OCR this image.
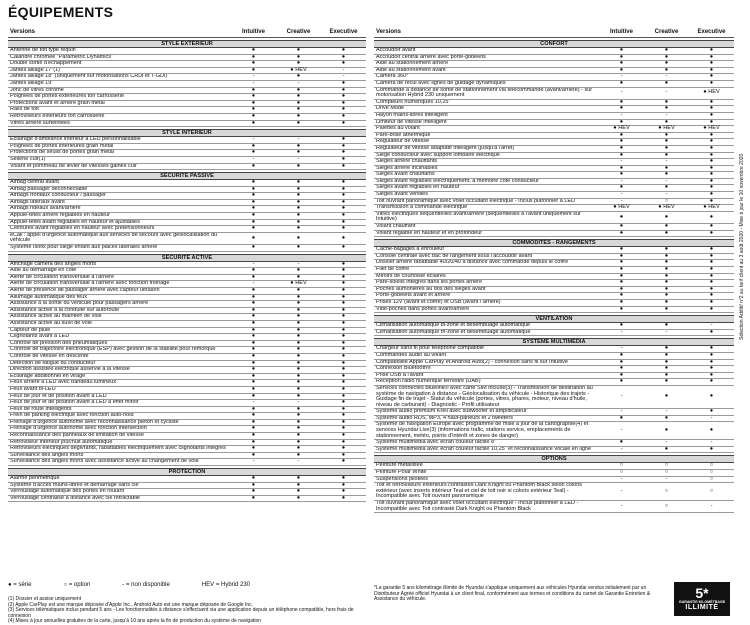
ÉQUIPEMENTS
Versions	Intuitive	Creative	Executive
STYLE EXTÉRIEUR
Antenne de toit type requin	●	●	●
Calandre chromée "Parametric Dynamics"	●	●	●
Double sortie d'échappement	●	●	●
Jantes alliage 17"(1)	●	● HEV	-
Jantes alliage 18" (uniquement sur motorisations CRDi et T-GDi)	-	●	-
Jantes alliage 19"	-	-	●
Jonc de vitres chromé	●	●	●
Poignées de portes extérieures ton carrosserie	●	●	●
Protections avant et arrière grain métal	●	●	●
Rails de toit	●	●	●
Rétroviseurs extérieurs ton carrosserie	●	●	●
Vitres arrière surteintées	●	●	●
STYLE INTÉRIEUR
Eclairage d'ambiance intérieur à LED personnalisable	-	-	●
Poignées de portes intérieures grain métal	●	●	●
Protections de seuils de portes grain métal	●	●	●
Sellerie cuir(1)	-	-	●
Volant et pommeau de levier de vitesses gainés cuir	●	●	●
SÉCURITÉ PASSIVE
Airbag central avant	●	●	●
Airbag passager déconnectable	●	●	●
Airbags frontaux conducteur / passager	●	●	●
Airbags latéraux avant	●	●	●
Airbags rideaux avant/arrière	●	●	●
Appuie-têtes arrière réglables en hauteur	●	●	●
Appuie-têtes avant réglables en hauteur et ajustables	●	●	●
Ceintures avant réglables en hauteur avec prétensionneurs	●	●	●
eCall : appel d'urgence automatique aux services de secours avec géolocalisation du véhicule	●	●	●
Système Isofix pour siège enfant aux places latérales arrière	●	●	●
SÉCURITÉ ACTIVE
Affichage caméra des angles morts	-	-	●
Aide au démarrage en côte	●	●	●
Alerte de circulation transversale à l'arrière	●	●	●
Alerte de circulation transversale à l'arrière avec fonction freinage	-	● HEV	●
Alerte de présence de passager arrière avec capteur ultrason	●	●	●
Allumage automatique des feux	●	●	●
Assistance à la sortie du véhicule pour passagers arrière	●	●	●
Assistance active à la conduite sur autoroute	●	●	●
Assistance active au maintien de voie	●	●	●
Assistance active au suivi de voie	●	●	●
Capteur de pluie	●	●	●
Clignotants avant à LED	●	●	●
Contrôle de pression des pneumatiques	●	●	●
Contrôle de trajectoire électronique (ESP) avec gestion de la stabilité pour remorque	●	●	●
Contrôle de vitesse en descente	●	●	●
Détection de fatigue du conducteur	●	●	●
Direction assistée électrique asservie à la vitesse	●	●	●
Eclairage additionnel en virage	●	●	●
Feux arrière à LED avec bandeau lumineux	●	●	●
Feux avant bi-LED	●	●	●
Feux de jour et de position avant à LED	●	●	●
Feux de jour et de position avant à LED à effet miroir	-	-	●
Feux de route intelligents	●	●	●
Frein de parking électrique avec fonction auto-hold	●	●	●
Freinage d'urgence autonome avec reconnaissance piéton et cycliste	●	●	●
Freinage d'urgence autonome avec fonction intersection	●	●	●
Reconnaissance des panneaux de limitation de vitesse	●	●	●
Rétroviseur intérieur jour/nuit automatique	●	●	●
Rétroviseurs électriques dégivrants, rabattables électriquement avec clignotants intégrés	●	●	●
Surveillance des angles morts	●	●	●
Surveillance des angles morts avec assistance active au changement de voie	-	-	●
PROTECTION
Alarme périmétrique	●	●	●
Système d'accès mains-libres et démarrage sans clé	●	●	●
Verrouillage automatique des portes en roulant	●	●	●
Verrouillage centralisé à distance avec clé rétractable	●	●	●
Versions	Intuitive	Creative	Executive
CONFORT
Accoudoir avant	●	●	●
Accoudoir central arrière avec porte-gobelets	●	●	●
Aide au stationnement arrière	●	●	●
Aide au stationnement avant	●	●	●
Caméra 360°	-	-	●
Caméra de recul avec lignes de guidage dynamiques	●	●	●
Commande à distance de sortie de stationnement via télécommande (avant/arrière) - sur motorisation Hybrid 230 uniquement	-	-	● HEV
Compteurs numériques 10,25"	●	●	●
Drive Mode	●	●	●
Hayon mains-libres intelligent	-	-	●
Limiteur de vitesse intelligent	●	●	●
Palettes au volant	● HEV	● HEV	● HEV
Pare-brise athermique	●	●	●
Régulateur de vitesse	●	●	●
Régulateur de vitesse adaptatif intelligent (jusqu'à l'arrêt)	●	●	●
Siège conducteur avec support lombaire électrique	●	●	●
Sièges arrière chauffants	-	-	●
Sièges arrière inclinables	●	●	●
Sièges avant chauffants	●	●	●
Sièges avant réglables électriquement, à mémoire côté conducteur	-	-	●
Sièges avant réglables en hauteur	●	●	●
Sièges avant ventilés	-	-	●
Toit ouvrant panoramique avec volet occultant électrique - Inclus plafonnier à LED	-	○	●
Transmission à commande électrique	● HEV	● HEV	● HEV
Vitres électriques séquentielles avant/arrière (séquentielles à l'avant uniquement sur Intuitive)	●	●	●
Volant chauffant	●	●	●
Volant réglable en hauteur et en profondeur	●	●	●
COMMODITÉS - RANGEMENTS
Cache-bagages à enrouleur	●	●	●
Console centrale avec bac de rangement sous l'accoudoir avant	●	●	●
Dossier arrière rabattable 40/20/40 à distance avec commande depuis le coffre	●	●	●
Filet de coffre	●	●	●
Miroirs de courtoisie éclairés	●	●	●
Pare-soleils intégrés dans les portes arrière	●	●	●
Poches aumônières au dos des sièges avant	●	●	●
Porte-gobelets avant et arrière	●	●	●
Prises 12V (avant et coffre) et USB (avant / arrière)	●	●	●
Vide-poches dans portes avant/arrière	●	●	●
VENTILATION
Climatisation automatique bi-zone et désembuage automatique	●	●	-
Climatisation automatique tri-zone et désembuage automatique	-	-	●
SYSTÈME MULTIMÉDIA
Chargeur sans fil pour téléphone compatible	-	●	●
Commandes audio au volant	●	●	●
Compatibilité Apple CarPlay et Android Auto(2) - connexion sans fil sur Intuitive	●	●	●
Connexion Bluetooth®	●	●	●
Prise USB à l'avant	●	●	●
Réception radio numérique terrestre (DAB)	●	●	●
Services connectés Bluelink® avec carte SIM incluse(3) - Transmission de destination au système de navigation à distance - Géolocalisation du véhicule - Historique des trajets - Guidage fin de trajet - Statut du véhicule (portes, vitres, phares, moteur, niveau d'huile, niveau de carburant) - Diagnostic - Profil utilisateur
-	●	●
Système audio premium Krell avec subwoofer et amplificateur	-	-	●
Système audio RDS, MP3, 4 haut-parleurs et 2 tweeters	●	●	-
Système de navigation Europe avec programme de mise à jour de la cartographie(4) et services Hyundai Live(3) (informations trafic, stations service, emplacements de stationnement, météo, points d'intérêt et zones de danger)
-	●	●
Système multimédia avec écran couleur tactile 8"	●	-	-
Système multimédia avec écran couleur tactile 10,25" et reconnaissance vocale en ligne	-	●	●
OPTIONS
Peinture métallisée	○	○	○
Peinture Polar White	○	○	○
Suspensions pilotées	-	-	○
Toit et rétroviseurs extérieurs contrastés Dark Knight ou Phantom Black selon coloris extérieur (avec inserts intérieur Teal et ciel de toit noir si coloris extérieur Teal) - Incompatible avec Toit ouvrant panoramique
-	○	○
Toit ouvrant panoramique avec volet occultant électrique - Inclus plafonnier à LED - Incompatible avec Toit contrasté Dark Knight ou Phantom Black	-	○	-
● = série	○ = option	- = non disponible	HEV = Hybrid 230
(1) Dossier et assise uniquement
(2) Apple CarPlay est une marque déposée d'Apple Inc., Android Auto est une marque déposée de Google Inc.
(3) Services télématiques inclus pendant 5 ans - Les fonctionnalités à distance s'effectuent via une application depuis un téléphone compatible, hors frais de connexion
(4) Mises à jour annuelles gratuites de la carte, jusqu'à 10 ans après la fin de production du système de navigation
*La garantie 5 ans kilométrage illimité de Hyundai s'applique uniquement aux véhicules Hyundai vendus initialement par un Distributeur Agréé officiel Hyundai à un client final, conformément aux termes et conditions du carnet de Garantie Entretien & Assistance du véhicule.	5*
GARANTIE KILOMÉTRAGE
ILLIMITÉ
Sélection Additif n°2 au tarif client au 3 août 2020 - Mise à jour le 10 novembre 2020
